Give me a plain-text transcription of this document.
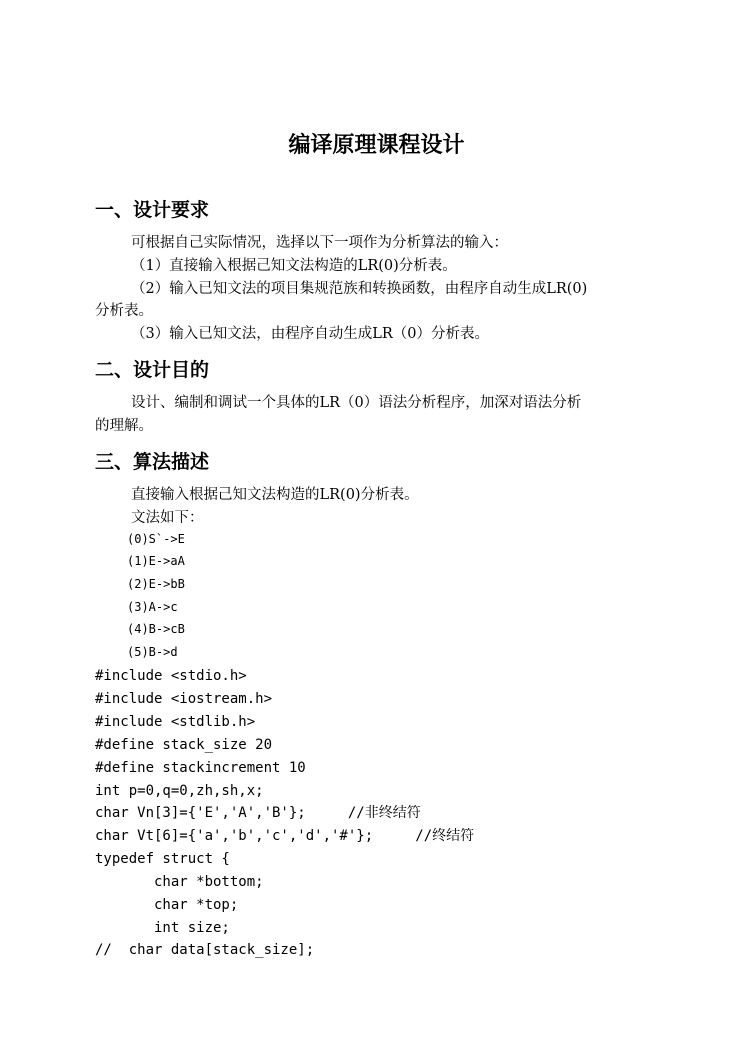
编译原理课程设计
一、设计要求
可根据自己实际情况，选择以下一项作为分析算法的输入：
（1）直接输入根据己知文法构造的LR(0)分析表。
（2）输入已知文法的项目集规范族和转换函数，由程序自动生成LR(0)
分析表。
（3）输入已知文法，由程序自动生成LR（0）分析表。
二、设计目的
设计、编制和调试一个具体的LR（0）语法分析程序，加深对语法分析
的理解。
三、算法描述
直接输入根据己知文法构造的LR(0)分析表。
文法如下：
(0)S`->E
(1)E->aA
(2)E->bB
(3)A->c
(4)B->cB
(5)B->d
#include <stdio.h>
#include <iostream.h>
#include <stdlib.h>
#define stack_size 20
#define stackincrement 10
int p=0,q=0,zh,sh,x;
char Vn[3]={'E','A','B'};     //非终结符
char Vt[6]={'a','b','c','d','#'};     //终结符
typedef struct {
char *bottom;
char *top;
int size;
//  char data[stack_size];
